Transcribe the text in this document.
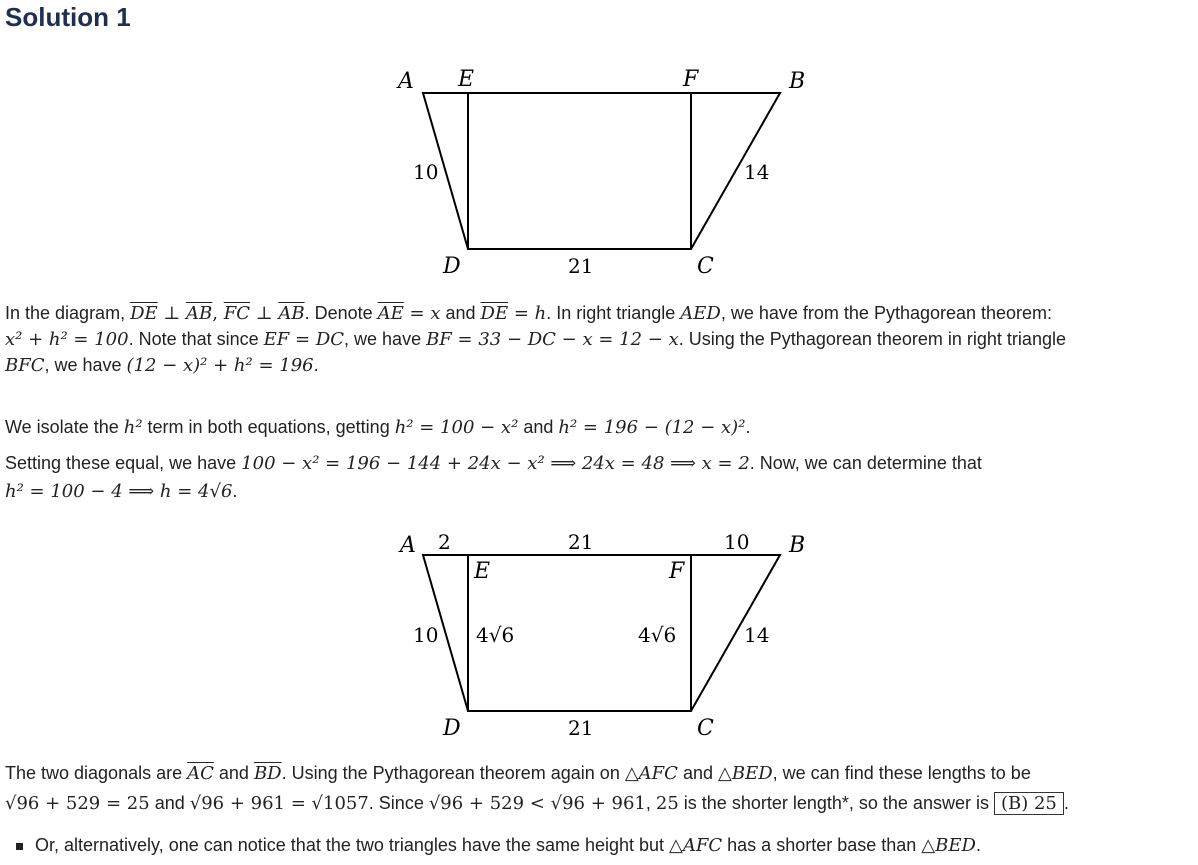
Solution 1
A E	F	B
D	C
10	14
21
In the diagram, $\overline{DE}$ ⊥ $\overline{AB}$, $\overline{FC}$ ⊥ $\overline{AB}$. Denote $\overline{AE} = x$ and $\overline{DE} = h$. In right triangle AED, we have from the Pythagorean theorem:
x² + h² = 100. Note that since EF = DC, we have BF = 33 − DC − x = 12 − x. Using the Pythagorean theorem in right triangle
BFC, we have (12 − x)² + h² = 196.
We isolate the h² term in both equations, getting h² = 100 − x² and h² = 196 − (12 − x)².
Setting these equal, we have 100 − x² = 196 − 144 + 24x − x² ⟹ 24x = 48 ⟹ x = 2. Now, we can determine that
h² = 100 − 4 ⟹ h = 4√6.
A 2	21	10 B
E	F
10 4√6	4√6	14
D	21	C
The two diagonals are $\overline{AC}$ and $\overline{BD}$. Using the Pythagorean theorem again on △AFC and △BED, we can find these lengths to be
√96 + 529 = 25 and √96 + 961 = √1057. Since √96 + 529 < √96 + 961, 25 is the shorter length*, so the answer is (B) 25 .
Or, alternatively, one can notice that the two triangles have the same height but △AFC has a shorter base than △BED.
